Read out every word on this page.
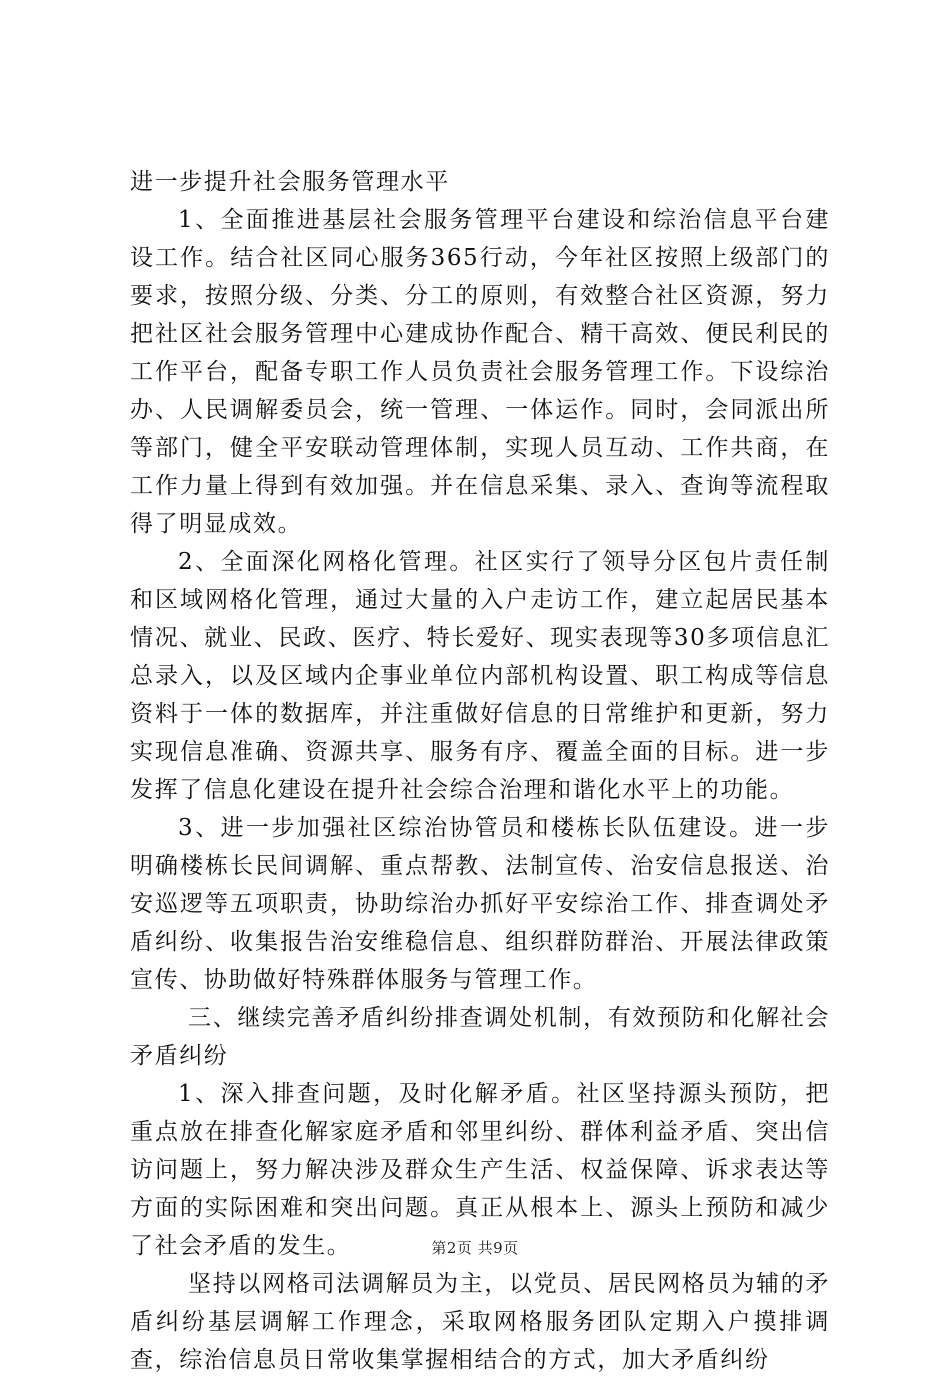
进一步提升社会服务管理水平

1、全面推进基层社会服务管理平台建设和综治信息平台建设工作。结合社区同心服务365行动，今年社区按照上级部门的要求，按照分级、分类、分工的原则，有效整合社区资源，努力把社区社会服务管理中心建成协作配合、精干高效、便民利民的工作平台，配备专职工作人员负责社会服务管理工作。下设综治办、人民调解委员会，统一管理、一体运作。同时，会同派出所等部门，健全平安联动管理体制，实现人员互动、工作共商，在工作力量上得到有效加强。并在信息采集、录入、查询等流程取得了明显成效。

2、全面深化网格化管理。社区实行了领导分区包片责任制和区域网格化管理，通过大量的入户走访工作，建立起居民基本情况、就业、民政、医疗、特长爱好、现实表现等30多项信息汇总录入，以及区域内企事业单位内部机构设置、职工构成等信息资料于一体的数据库，并注重做好信息的日常维护和更新，努力实现信息准确、资源共享、服务有序、覆盖全面的目标。进一步发挥了信息化建设在提升社会综合治理和谐化水平上的功能。

3、进一步加强社区综治协管员和楼栋长队伍建设。进一步明确楼栋长民间调解、重点帮教、法制宣传、治安信息报送、治安巡逻等五项职责，协助综治办抓好平安综治工作、排查调处矛盾纠纷、收集报告治安维稳信息、组织群防群治、开展法律政策宣传、协助做好特殊群体服务与管理工作。

三、继续完善矛盾纠纷排查调处机制，有效预防和化解社会矛盾纠纷

1、深入排查问题，及时化解矛盾。社区坚持源头预防，把重点放在排查化解家庭矛盾和邻里纠纷、群体利益矛盾、突出信访问题上，努力解决涉及群众生产生活、权益保障、诉求表达等方面的实际困难和突出问题。真正从根本上、源头上预防和减少了社会矛盾的发生。

坚持以网格司法调解员为主，以党员、居民网格员为辅的矛盾纠纷基层调解工作理念，采取网格服务团队定期入户摸排调查，综治信息员日常收集掌握相结合的方式，加大矛盾纠纷

第2页 共9页
